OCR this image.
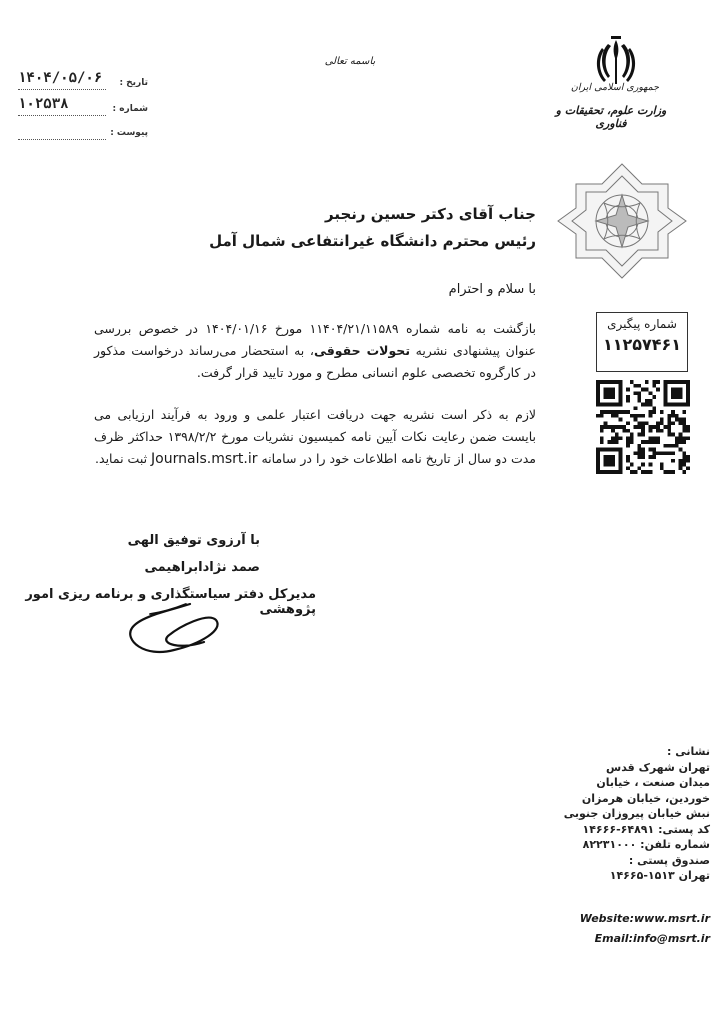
جمهوری اسلامی ایران
وزارت علوم، تحقیقات و فناوری
باسمه تعالی
تاریخ :
۱۴۰۴/۰۵/۰۶
شماره :
۱۰۲۵۳۸
پیوست :
جناب آقای دکتر حسین رنجبر
رئیس محترم دانشگاه غیرانتفاعی شمال آمل
با سلام و احترام
بازگشت به نامه شماره ۱۱۴۰۴/۲۱/۱۱۵۸۹ مورخ ۱۴۰۴/۰۱/۱۶ در خصوص بررسی عنوان پیشنهادی نشریه تحولات حقوقی، به استحضار می‌رساند درخواست مذکور در کارگروه تخصصی علوم انسانی مطرح و مورد تایید قرار گرفت.
لازم به ذکر است نشریه جهت دریافت اعتبار علمی و ورود به فرآیند ارزیابی می بایست ضمن رعایت نکات آیین نامه کمیسیون نشریات مورخ ۱۳۹۸/۲/۲ حداکثر ظرف مدت دو سال از تاریخ نامه اطلاعات خود را در سامانه Journals.msrt.ir ثبت نماید.
شماره پیگیری
۱۱۲۵۷۴۶۱
با آرزوی توفیق الهی
صمد نژادابراهیمی
مدیرکل دفتر سیاستگذاری و برنامه ریزی امور پژوهشی
نشانی :
تهران شهرک قدس
میدان صنعت ، خیابان
خوردین، خیابان هرمزان
نبش خیابان پیروزان جنوبی
کد پستی: ۶۴۸۹۱-۱۴۶۶۶
شماره تلفن: ۸۲۲۳۱۰۰۰
صندوق پستی :
تهران ۱۵۱۳-۱۴۶۶۵
Website:www.msrt.ir
Email:info@msrt.ir
